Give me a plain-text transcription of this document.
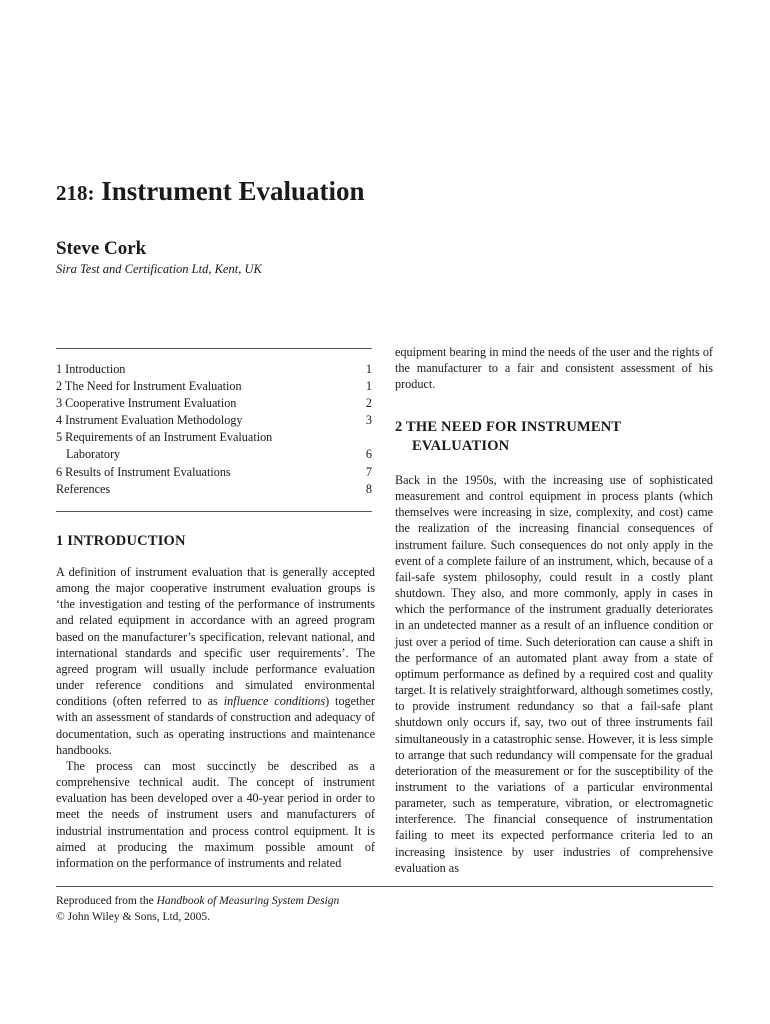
218: Instrument Evaluation
Steve Cork
Sira Test and Certification Ltd, Kent, UK
1 Introduction	1
2 The Need for Instrument Evaluation	1
3 Cooperative Instrument Evaluation	2
4 Instrument Evaluation Methodology	3
5 Requirements of an Instrument Evaluation
Laboratory	6
6 Results of Instrument Evaluations	7
References	8
1 INTRODUCTION

A definition of instrument evaluation that is generally accepted among the major cooperative instrument evaluation groups is ‘the investigation and testing of the performance of instruments and related equipment in accordance with an agreed program based on the manufacturer’s specification, relevant national, and international standards and specific user requirements’. The agreed program will usually include performance evaluation under reference conditions and simulated environmental conditions (often referred to as influence conditions) together with an assessment of standards of construction and adequacy of documentation, such as operating instructions and maintenance handbooks.

The process can most succinctly be described as a comprehensive technical audit. The concept of instrument evaluation has been developed over a 40-year period in order to meet the needs of instrument users and manufacturers of industrial instrumentation and process control equipment. It is aimed at producing the maximum possible amount of information on the performance of instruments and related

equipment bearing in mind the needs of the user and the rights of the manufacturer to a fair and consistent assessment of his product.
2 THE NEED FOR INSTRUMENT
EVALUATION
Back in the 1950s, with the increasing use of sophisticated measurement and control equipment in process plants (which themselves were increasing in size, complexity, and cost) came the realization of the increasing financial consequences of instrument failure. Such consequences do not only apply in the event of a complete failure of an instrument, which, because of a fail-safe system philosophy, could result in a costly plant shutdown. They also, and more commonly, apply in cases in which the performance of the instrument gradually deteriorates in an undetected manner as a result of an influence condition or just over a period of time. Such deterioration can cause a shift in the performance of an automated plant away from a state of optimum performance as defined by a required cost and quality target. It is relatively straightforward, although sometimes costly, to provide instrument redundancy so that a fail-safe plant shutdown only occurs if, say, two out of three instruments fail simultaneously in a catastrophic sense. However, it is less simple to arrange that such redundancy will compensate for the gradual deterioration of the measurement or for the susceptibility of the instrument to the variations of a particular environmental parameter, such as temperature, vibration, or electromagnetic interference. The financial consequence of instrumentation failing to meet its expected performance criteria led to an increasing insistence by user industries of comprehensive evaluation as
Reproduced from the Handbook of Measuring System Design
© John Wiley & Sons, Ltd, 2005.
